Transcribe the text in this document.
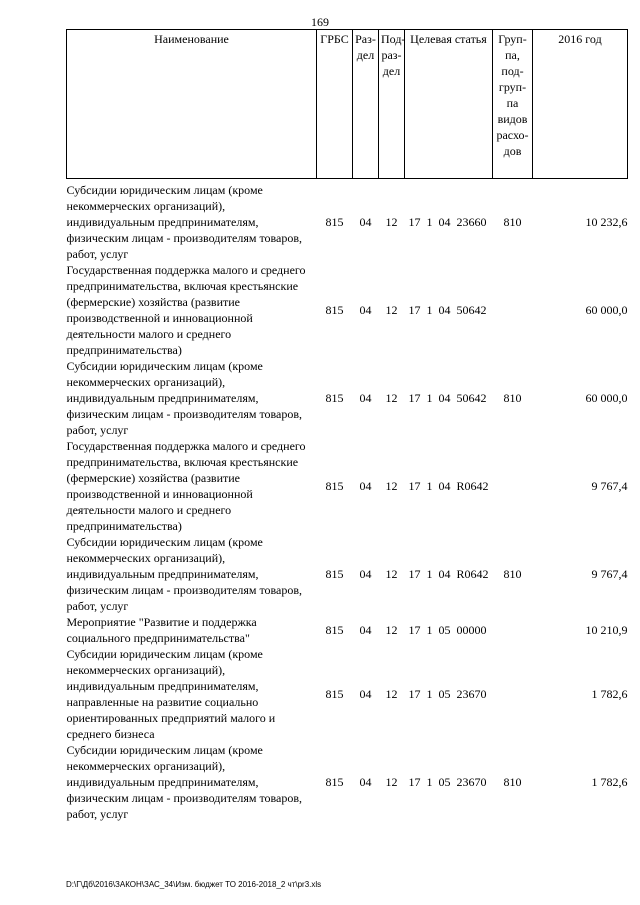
169
Наименование	ГРБС	Раз-дел	Под-раз-дел	Целевая статья	Груп-па, под-груп-па видов расхо-дов	2016 год
Субсидии юридическим лицам (кроме некоммерческих организаций), индивидуальным предпринимателям, физическим лицам - производителям товаров, работ, услуг	815	04	12	17  1  04  23660	810	10 232,6
Государственная поддержка малого и среднего предпринимательства, включая крестьянские (фермерские) хозяйства (развитие производственной и инновационной деятельности малого и среднего предпринимательства)	815	04	12	17  1  04  50642		60 000,0
Субсидии юридическим лицам (кроме некоммерческих организаций), индивидуальным предпринимателям, физическим лицам - производителям товаров, работ, услуг	815	04	12	17  1  04  50642	810	60 000,0
Государственная поддержка малого и среднего предпринимательства, включая крестьянские (фермерские) хозяйства (развитие производственной и инновационной деятельности малого и среднего предпринимательства)	815	04	12	17  1  04  R0642		9 767,4
Субсидии юридическим лицам (кроме некоммерческих организаций), индивидуальным предпринимателям, физическим лицам - производителям товаров, работ, услуг	815	04	12	17  1  04  R0642	810	9 767,4
Мероприятие "Развитие и поддержка социального предпринимательства"	815	04	12	17  1  05  00000		10 210,9
Субсидии юридическим лицам (кроме некоммерческих организаций), индивидуальным предпринимателям, направленные на развитие социально ориентированных предприятий малого и среднего бизнеса	815	04	12	17  1  05  23670		1 782,6
Субсидии юридическим лицам (кроме некоммерческих организаций), индивидуальным предпринимателям, физическим лицам - производителям товаров, работ, услуг	815	04	12	17  1  05  23670	810	1 782,6
D:\Г\Дб\2016\ЗАКОН\ЗАС_34\Изм. бюджет ТО 2016-2018_2 чт\pr3.xls
